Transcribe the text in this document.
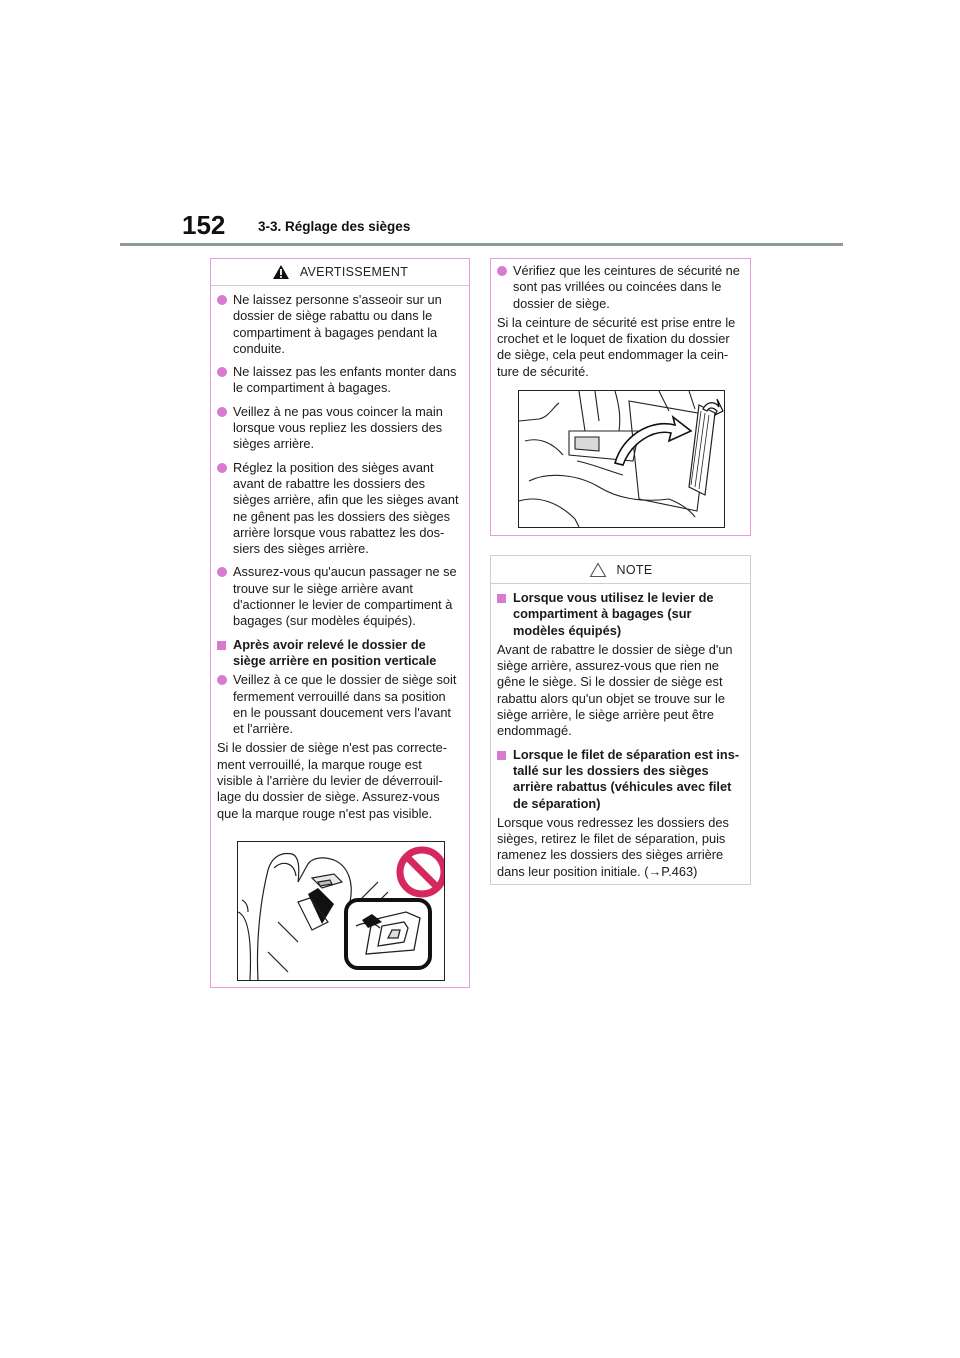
152 3-3. Réglage des sièges
AVERTISSEMENT
Ne laissez personne s'asseoir sur un dossier de siège rabattu ou dans le compartiment à bagages pendant la conduite.
Ne laissez pas les enfants monter dans le compartiment à bagages.
Veillez à ne pas vous coincer la main lorsque vous repliez les dossiers des sièges arrière.
Réglez la position des sièges avant avant de rabattre les dossiers des sièges arrière, afin que les sièges avant ne gênent pas les dossiers des sièges arrière lorsque vous rabattez les dos-siers des sièges arrière.
Assurez-vous qu'aucun passager ne se trouve sur le siège arrière avant d'actionner le levier de compartiment à bagages (sur modèles équipés).
Après avoir relevé le dossier de siège arrière en position verticale
Veillez à ce que le dossier de siège soit fermement verrouillé dans sa position en le poussant doucement vers l'avant et l'arrière.

Si le dossier de siège n'est pas correcte-ment verrouillé, la marque rouge est visible à l'arrière du levier de déverrouil-lage du dossier de siège. Assurez-vous que la marque rouge n'est pas visible.

Vérifiez que les ceintures de sécurité ne sont pas vrillées ou coincées dans le dossier de siège.

Si la ceinture de sécurité est prise entre le crochet et le loquet de fixation du dossier de siège, cela peut endommager la cein-ture de sécurité.

NOTE
Lorsque vous utilisez le levier de compartiment à bagages (sur modèles équipés)

Avant de rabattre le dossier de siège d'un siège arrière, assurez-vous que rien ne gêne le siège. Si le dossier de siège est rabattu alors qu'un objet se trouve sur le siège arrière, le siège arrière peut être endommagé.

Lorsque le filet de séparation est ins-tallé sur les dossiers des sièges arrière rabattus (véhicules avec filet de séparation)

Lorsque vous redressez les dossiers des sièges, retirez le filet de séparation, puis ramenez les dossiers des sièges arrière dans leur position initiale. (→P.463)
